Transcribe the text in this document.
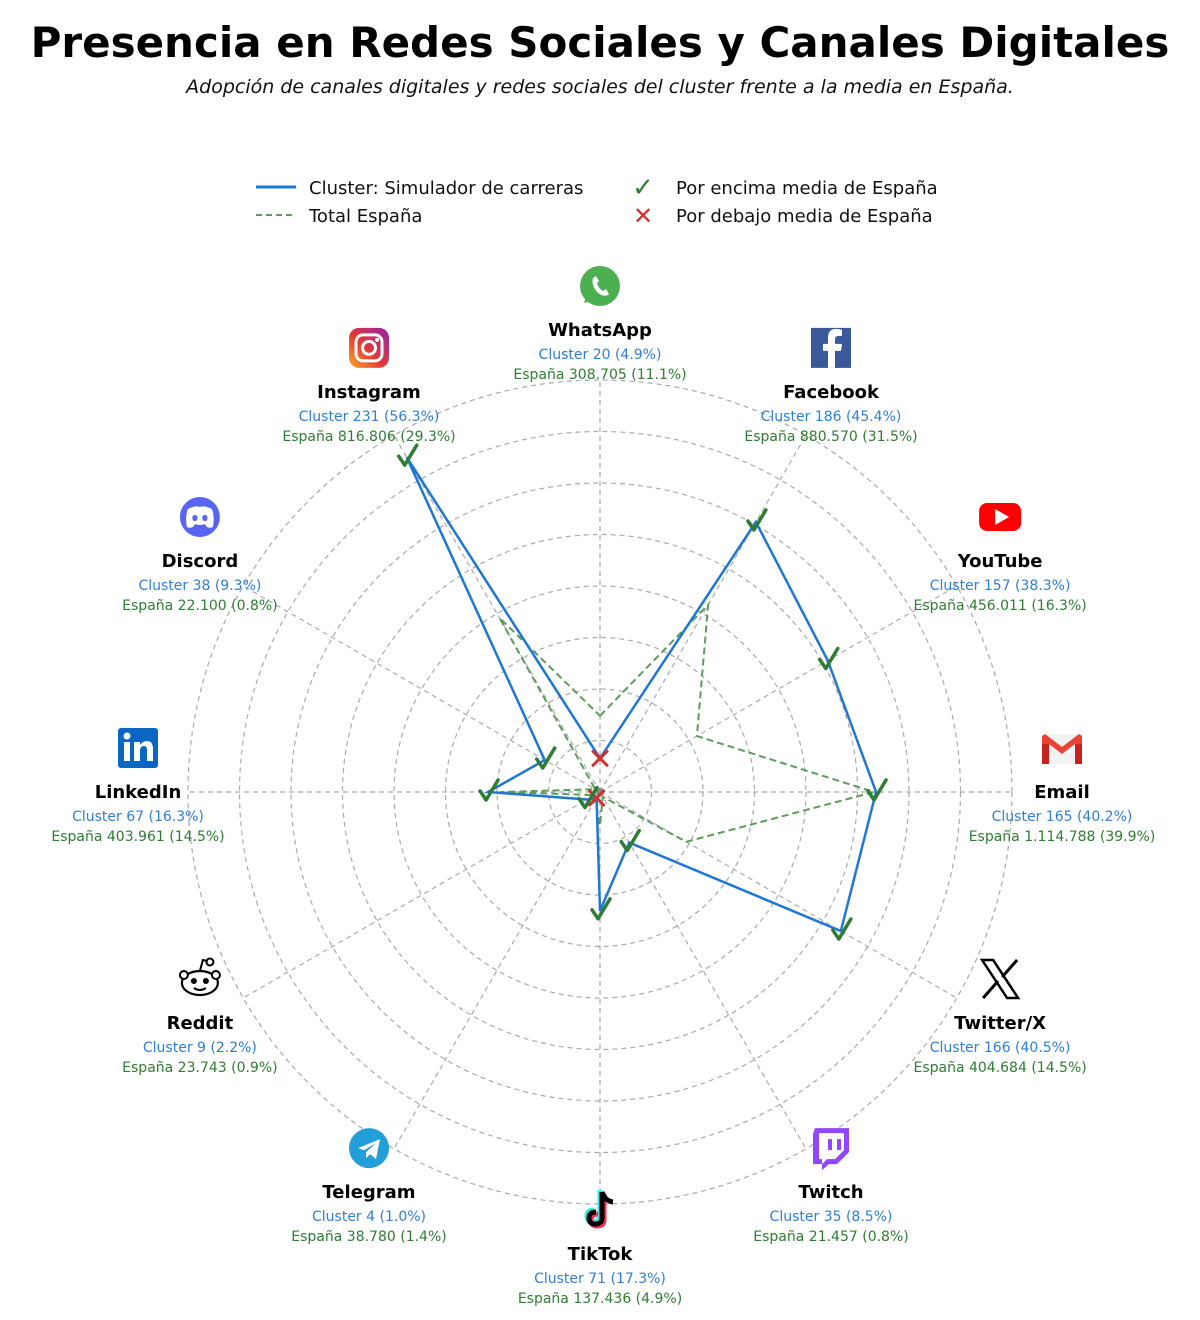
Presencia en Redes Sociales y Canales Digitales
Adopción de canales digitales y redes sociales del cluster frente a la media en España.
Cluster: Simulador de carreras
Total España
✓ Por encima media de España
✕ Por debajo media de España
WhatsApp
Cluster 20 (4.9%)
España 308.705 (11.1%)
Facebook
Cluster 186 (45.4%)
España 880.570 (31.5%)
YouTube
Cluster 157 (38.3%)
España 456.011 (16.3%)
Email
Cluster 165 (40.2%)
España 1.114.788 (39.9%)
Twitter/X
Cluster 166 (40.5%)
España 404.684 (14.5%)
Twitch
Cluster 35 (8.5%)
España 21.457 (0.8%)
TikTok
Cluster 71 (17.3%)
España 137.436 (4.9%)
Telegram
Cluster 4 (1.0%)
España 38.780 (1.4%)
Reddit
Cluster 9 (2.2%)
España 23.743 (0.9%)
LinkedIn
Cluster 67 (16.3%)
España 403.961 (14.5%)
Discord
Cluster 38 (9.3%)
España 22.100 (0.8%)
Instagram
Cluster 231 (56.3%)
España 816.806 (29.3%)
